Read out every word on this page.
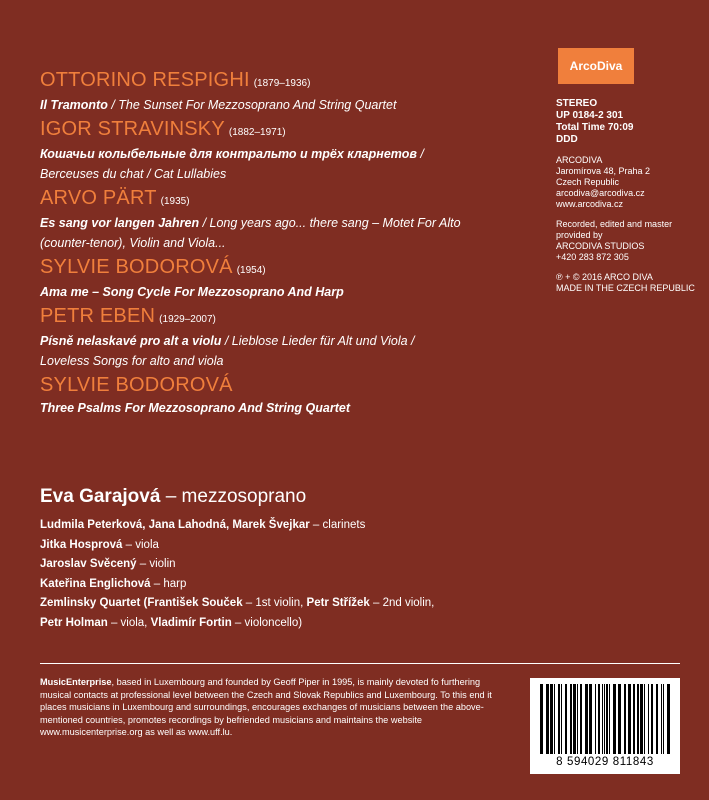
OTTORINO RESPIGHI (1879–1936)
Il Tramonto / The Sunset For Mezzosoprano And String Quartet
IGOR STRAVINSKY (1882–1971)
Кошачьи колыбельные для контральто и трёх кларнетов /
Berceuses du chat / Cat Lullabies
ARVO PÄRT (1935)
Es sang vor langen Jahren / Long years ago... there sang – Motet For Alto
(counter-tenor), Violin and Viola...
SYLVIE BODOROVÁ (1954)
Ama me – Song Cycle For Mezzosoprano And Harp
PETR EBEN (1929–2007)
Písně nelaskavé pro alt a violu / Lieblose Lieder für Alt und Viola /
Loveless Songs for alto and viola
SYLVIE BODOROVÁ
Three Psalms For Mezzosoprano And String Quartet
Eva Garajová – mezzosoprano
Ludmila Peterková, Jana Lahodná, Marek Švejkar – clarinets
Jitka Hosprová – viola
Jaroslav Svěcený – violin
Kateřina Englichová – harp
Zemlinsky Quartet (František Souček – 1st violin, Petr Střížek – 2nd violin,
Petr Holman – viola, Vladimír Fortin – violoncello)
ArcoDiva
STEREO
UP 0184-2 301
Total Time 70:09
DDD
ARCODIVA
Jaromírova 48, Praha 2
Czech Republic
arcodiva@arcodiva.cz
www.arcodiva.cz
Recorded, edited and master
provided by
ARCODIVA STUDIOS
+420 283 872 305
℗ + © 2016 ARCO DIVA
MADE IN THE CZECH REPUBLIC
MusicEnterprise, based in Luxembourg and founded by Geoff Piper in 1995, is mainly devoted fo furthering musical contacts at professional level between the Czech and Slovak Republics and Luxembourg. To this end it places musicians in Luxembourg and surroundings, encourages exchanges of musicians between the above-mentioned countries, promotes recordings by befriended musicians and maintains the website www.musicenterprise.org as well as www.uff.lu.
8 594029 811843
